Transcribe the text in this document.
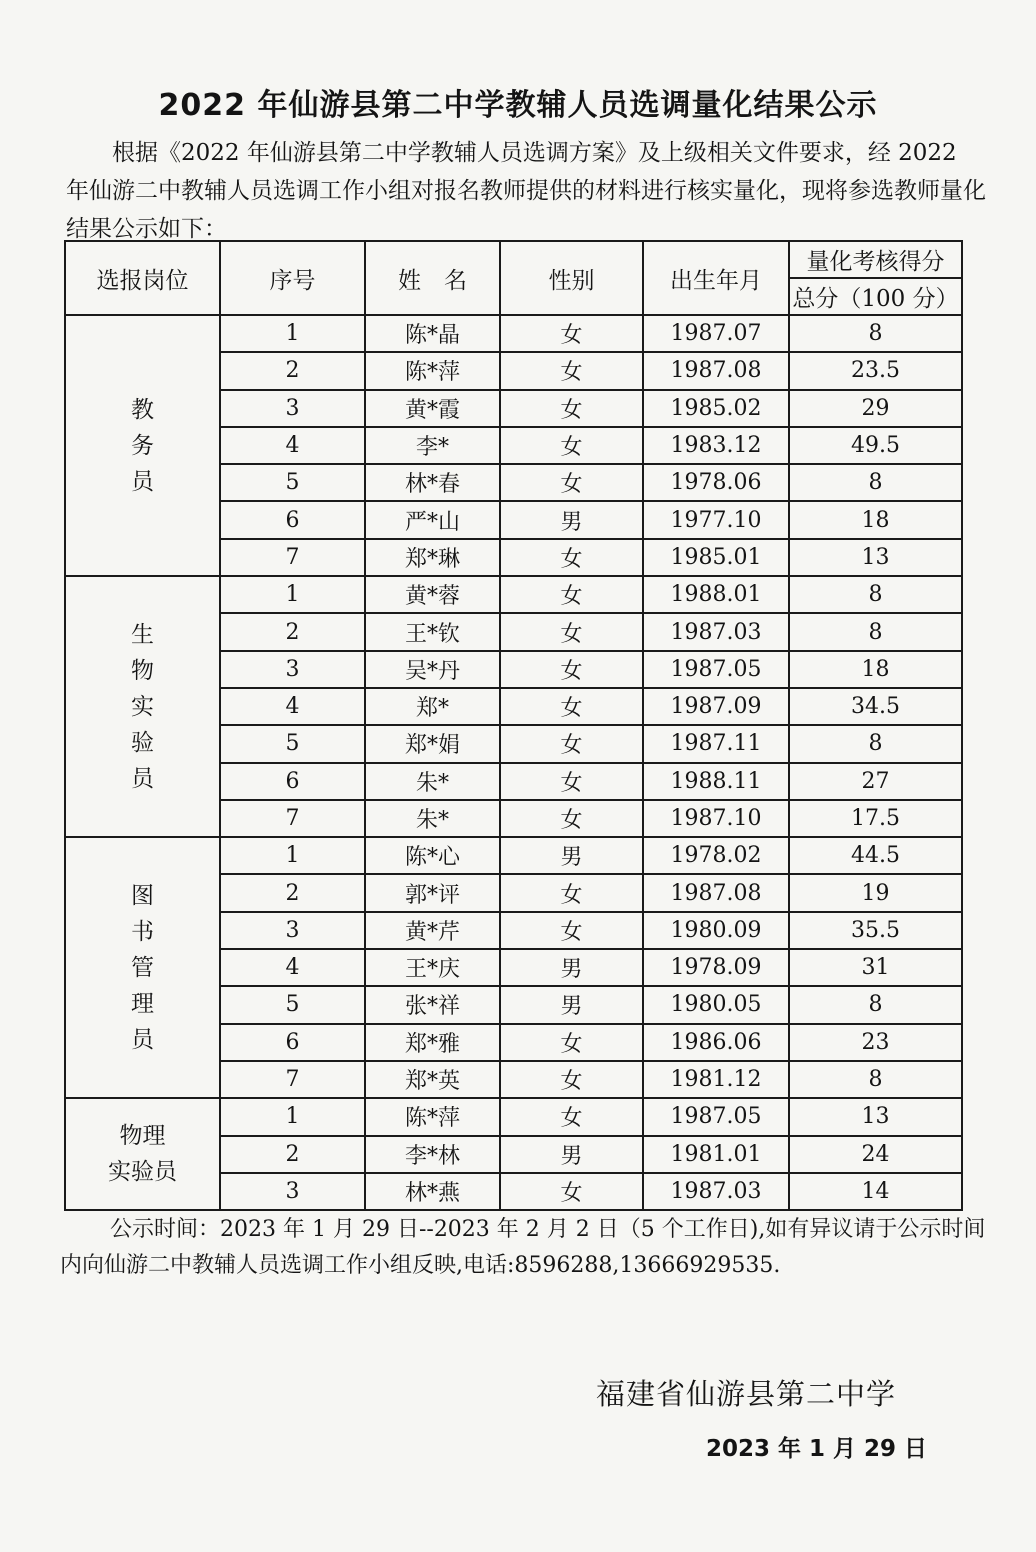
2022 年仙游县第二中学教辅人员选调量化结果公示
根据《2022 年仙游县第二中学教辅人员选调方案》及上级相关文件要求，经 2022 年仙游二中教辅人员选调工作小组对报名教师提供的材料进行核实量化，现将参选教师量化结果公示如下：
选报岗位	序号	姓　名	性别	出生年月	量化考核得分
					总分（100 分）

教
务
员	1	陈*晶	女	1987.07	8
	2	陈*萍	女	1987.08	23.5
	3	黄*霞	女	1985.02	29
	4	李*	女	1983.12	49.5
	5	林*春	女	1978.06	8
	6	严*山	男	1977.10	18
	7	郑*琳	女	1985.01	13

生
物
实
验
员	1	黄*蓉	女	1988.01	8
	2	王*钦	女	1987.03	8
	3	吴*丹	女	1987.05	18
	4	郑*	女	1987.09	34.5
	5	郑*娟	女	1987.11	8
	6	朱*	女	1988.11	27
	7	朱*	女	1987.10	17.5

图
书
管
理
员	1	陈*心	男	1978.02	44.5
	2	郭*评	女	1987.08	19
	3	黄*芹	女	1980.09	35.5
	4	王*庆	男	1978.09	31
	5	张*祥	男	1980.05	8
	6	郑*雅	女	1986.06	23
	7	郑*英	女	1981.12	8

物理
实验员	1	陈*萍	女	1987.05	13
	2	李*林	男	1981.01	24
	3	林*燕	女	1987.03	14
公示时间：2023 年 1 月 29 日--2023 年 2 月 2 日（5 个工作日),如有异议请于公示时间内向仙游二中教辅人员选调工作小组反映,电话:8596288,13666929535.
福建省仙游县第二中学
2023 年 1 月 29 日
